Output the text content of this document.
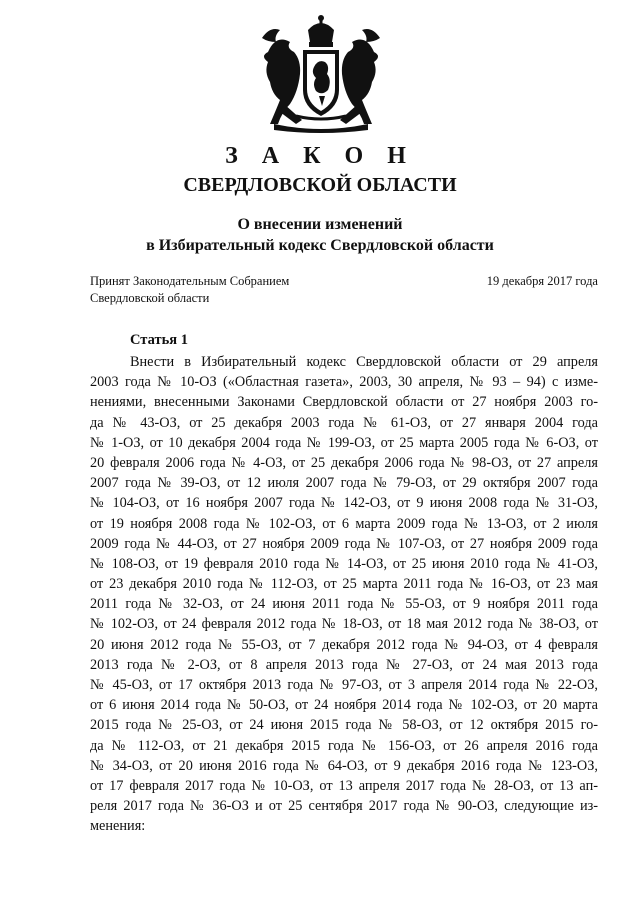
З А К О Н
СВЕРДЛОВСКОЙ ОБЛАСТИ
О внесении изменений
в Избирательный кодекс Свердловской области
Принят Законодательным Собранием
Свердловской области
19 декабря 2017 года
Статья 1
Внести в Избирательный кодекс Свердловской области от 29 апреля
2003 года № 10-ОЗ («Областная газета», 2003, 30 апреля, № 93 – 94) с изме-
нениями, внесенными Законами Свердловской области от 27 ноября 2003 го-
да № 43-ОЗ, от 25 декабря 2003 года № 61-ОЗ, от 27 января 2004 года
№ 1-ОЗ, от 10 декабря 2004 года № 199-ОЗ, от 25 марта 2005 года № 6-ОЗ, от
20 февраля 2006 года № 4-ОЗ, от 25 декабря 2006 года № 98-ОЗ, от 27 апреля
2007 года № 39-ОЗ, от 12 июля 2007 года № 79-ОЗ, от 29 октября 2007 года
№ 104-ОЗ, от 16 ноября 2007 года № 142-ОЗ, от 9 июня 2008 года № 31-ОЗ,
от 19 ноября 2008 года № 102-ОЗ, от 6 марта 2009 года № 13-ОЗ, от 2 июля
2009 года № 44-ОЗ, от 27 ноября 2009 года № 107-ОЗ, от 27 ноября 2009 года
№ 108-ОЗ, от 19 февраля 2010 года № 14-ОЗ, от 25 июня 2010 года № 41-ОЗ,
от 23 декабря 2010 года № 112-ОЗ, от 25 марта 2011 года № 16-ОЗ, от 23 мая
2011 года № 32-ОЗ, от 24 июня 2011 года № 55-ОЗ, от 9 ноября 2011 года
№ 102-ОЗ, от 24 февраля 2012 года № 18-ОЗ, от 18 мая 2012 года № 38-ОЗ, от
20 июня 2012 года № 55-ОЗ, от 7 декабря 2012 года № 94-ОЗ, от 4 февраля
2013 года № 2-ОЗ, от 8 апреля 2013 года № 27-ОЗ, от 24 мая 2013 года
№ 45-ОЗ, от 17 октября 2013 года № 97-ОЗ, от 3 апреля 2014 года № 22-ОЗ,
от 6 июня 2014 года № 50-ОЗ, от 24 ноября 2014 года № 102-ОЗ, от 20 марта
2015 года № 25-ОЗ, от 24 июня 2015 года № 58-ОЗ, от 12 октября 2015 го-
да № 112-ОЗ, от 21 декабря 2015 года № 156-ОЗ, от 26 апреля 2016 года
№ 34-ОЗ, от 20 июня 2016 года № 64-ОЗ, от 9 декабря 2016 года № 123-ОЗ,
от 17 февраля 2017 года № 10-ОЗ, от 13 апреля 2017 года № 28-ОЗ, от 13 ап-
реля 2017 года № 36-ОЗ и от 25 сентября 2017 года № 90-ОЗ, следующие из-
менения:
